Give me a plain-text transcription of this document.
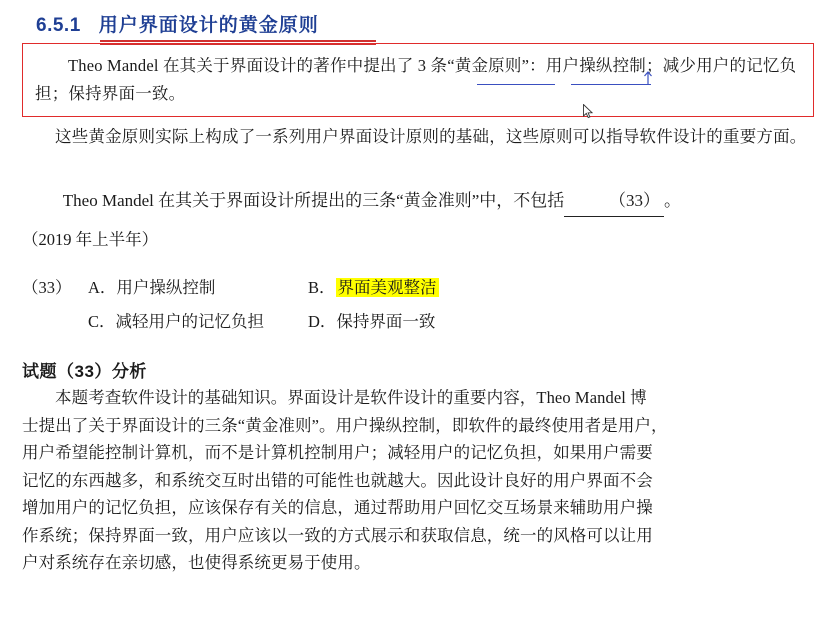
6.5.1 用户界面设计的黄金原则

Theo Mandel 在其关于界面设计的著作中提出了 3 条“黄金原则”：用户操纵控制；减少用户的记忆负担；保持界面一致。

这些黄金原则实际上构成了一系列用户界面设计原则的基础，这些原则可以指导软件设计的重要方面。
Theo Mandel 在其关于界面设计所提出的三条“黄金准则”中，不包括	（33） 。
（2019 年上半年）
（33）	A．用户操纵控制	B． 界面美观整洁
C．减轻用户的记忆负担	D．保持界面一致
试题（33）分析

本题考查软件设计的基础知识。界面设计是软件设计的重要内容，Theo Mandel 博

士提出了关于界面设计的三条“黄金准则”。用户操纵控制，即软件的最终使用者是用户，

用户希望能控制计算机，而不是计算机控制用户；减轻用户的记忆负担，如果用户需要

记忆的东西越多，和系统交互时出错的可能性也就越大。因此设计良好的用户界面不会

增加用户的记忆负担，应该保存有关的信息，通过帮助用户回忆交互场景来辅助用户操

作系统；保持界面一致，用户应该以一致的方式展示和获取信息，统一的风格可以让用

户对系统存在亲切感，也使得系统更易于使用。
